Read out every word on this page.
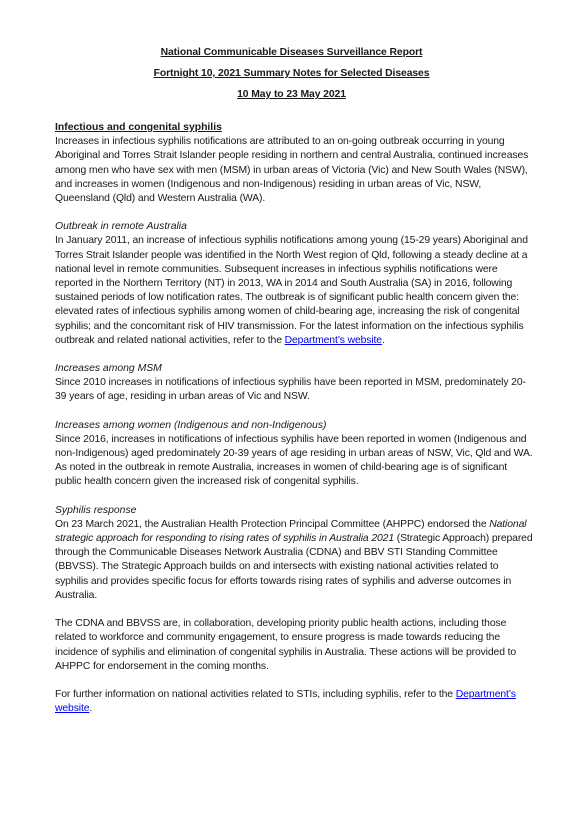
National Communicable Diseases Surveillance Report

Fortnight 10, 2021 Summary Notes for Selected Diseases

10 May to 23 May 2021

Infectious and congenital syphilis

Increases in infectious syphilis notifications are attributed to an on-going outbreak occurring in young Aboriginal and Torres Strait Islander people residing in northern and central Australia, continued increases among men who have sex with men (MSM) in urban areas of Victoria (Vic) and New South Wales (NSW), and increases in women (Indigenous and non-Indigenous) residing in urban areas of Vic, NSW, Queensland (Qld) and Western Australia (WA).

Outbreak in remote Australia

In January 2011, an increase of infectious syphilis notifications among young (15-29 years) Aboriginal and Torres Strait Islander people was identified in the North West region of Qld, following a steady decline at a national level in remote communities. Subsequent increases in infectious syphilis notifications were reported in the Northern Territory (NT) in 2013, WA in 2014 and South Australia (SA) in 2016, following sustained periods of low notification rates. The outbreak is of significant public health concern given the: elevated rates of infectious syphilis among women of child-bearing age, increasing the risk of congenital syphilis; and the concomitant risk of HIV transmission. For the latest information on the infectious syphilis outbreak and related national activities, refer to the Department’s website.

Increases among MSM

Since 2010 increases in notifications of infectious syphilis have been reported in MSM, predominately 20-39 years of age, residing in urban areas of Vic and NSW.

Increases among women (Indigenous and non-Indigenous)

Since 2016, increases in notifications of infectious syphilis have been reported in women (Indigenous and non-Indigenous) aged predominately 20-39 years of age residing in urban areas of NSW, Vic, Qld and WA. As noted in the outbreak in remote Australia, increases in women of child-bearing age is of significant public health concern given the increased risk of congenital syphilis.

Syphilis response

On 23 March 2021, the Australian Health Protection Principal Committee (AHPPC) endorsed the National strategic approach for responding to rising rates of syphilis in Australia 2021 (Strategic Approach) prepared through the Communicable Diseases Network Australia (CDNA) and BBV STI Standing Committee (BBVSS). The Strategic Approach builds on and intersects with existing national activities related to syphilis and provides specific focus for efforts towards rising rates of syphilis and adverse outcomes in Australia.

The CDNA and BBVSS are, in collaboration, developing priority public health actions, including those related to workforce and community engagement, to ensure progress is made towards reducing the incidence of syphilis and elimination of congenital syphilis in Australia. These actions will be provided to AHPPC for endorsement in the coming months.

For further information on national activities related to STIs, including syphilis, refer to the Department’s website.
